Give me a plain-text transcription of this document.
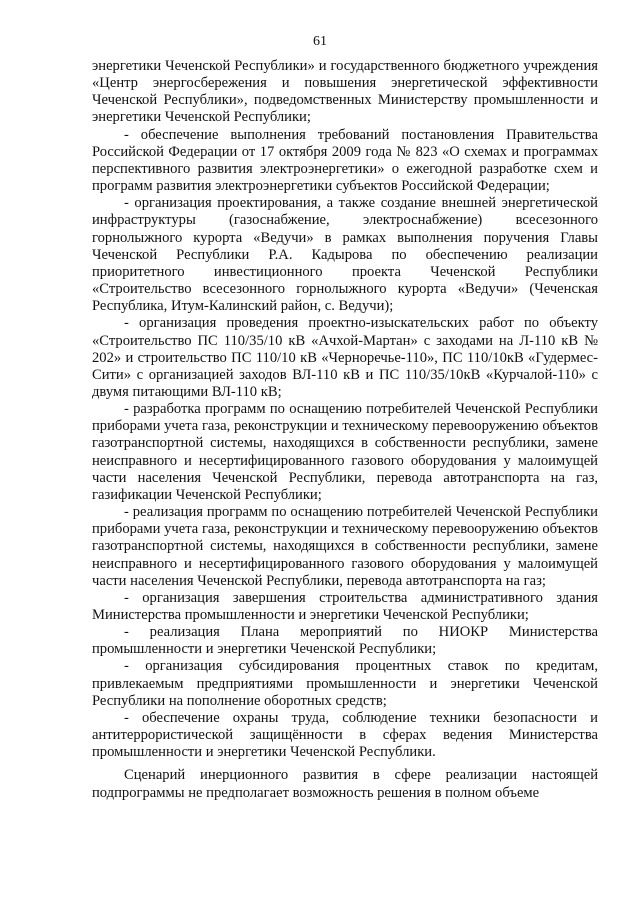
61

энергетики Чеченской Республики» и государственного бюджетного учреждения «Центр энергосбережения и повышения энергетической эффективности Чеченской Республики», подведомственных Министерству промышленности и энергетики Чеченской Республики;

- обеспечение выполнения требований постановления Правительства Российской Федерации от 17 октября 2009 года № 823 «О схемах и программах перспективного развития электроэнергетики» о ежегодной разработке схем и программ развития электроэнергетики субъектов Российской Федерации;

- организация проектирования, а также создание внешней энергетической инфраструктуры (газоснабжение, электроснабжение) всесезонного горнолыжного курорта «Ведучи» в рамках выполнения поручения Главы Чеченской Республики Р.А. Кадырова по обеспечению реализации приоритетного инвестиционного проекта Чеченской Республики «Строительство всесезонного горнолыжного курорта «Ведучи» (Чеченская Республика, Итум-Калинский район, с. Ведучи);

- организация проведения проектно-изыскательских работ по объекту «Строительство ПС 110/35/10 кВ «Ачхой-Мартан» с заходами на Л-110 кВ № 202» и строительство ПС 110/10 кВ «Черноречье-110», ПС 110/10кВ «Гудермес-Сити» с организацией заходов ВЛ-110 кВ и ПС 110/35/10кВ «Курчалой-110» с двумя питающими ВЛ-110 кВ;

- разработка программ по оснащению потребителей Чеченской Республики приборами учета газа, реконструкции и техническому перевооружению объектов газотранспортной системы, находящихся в собственности республики, замене неисправного и несертифицированного газового оборудования у малоимущей части населения Чеченской Республики, перевода автотранспорта на газ, газификации Чеченской Республики;

- реализация программ по оснащению потребителей Чеченской Республики приборами учета газа, реконструкции и техническому перевооружению объектов газотранспортной системы, находящихся в собственности республики, замене неисправного и несертифицированного газового оборудования у малоимущей части населения Чеченской Республики, перевода автотранспорта на газ;

- организация завершения строительства административного здания Министерства промышленности и энергетики Чеченской Республики;

- реализация Плана мероприятий по НИОКР Министерства промышленности и энергетики Чеченской Республики;

- организация субсидирования процентных ставок по кредитам, привлекаемым предприятиями промышленности и энергетики Чеченской Республики на пополнение оборотных средств;

- обеспечение охраны труда, соблюдение техники безопасности и антитеррористической защищённости в сферах ведения Министерства промышленности и энергетики Чеченской Республики.

Сценарий инерционного развития в сфере реализации настоящей подпрограммы не предполагает возможность решения в полном объеме
